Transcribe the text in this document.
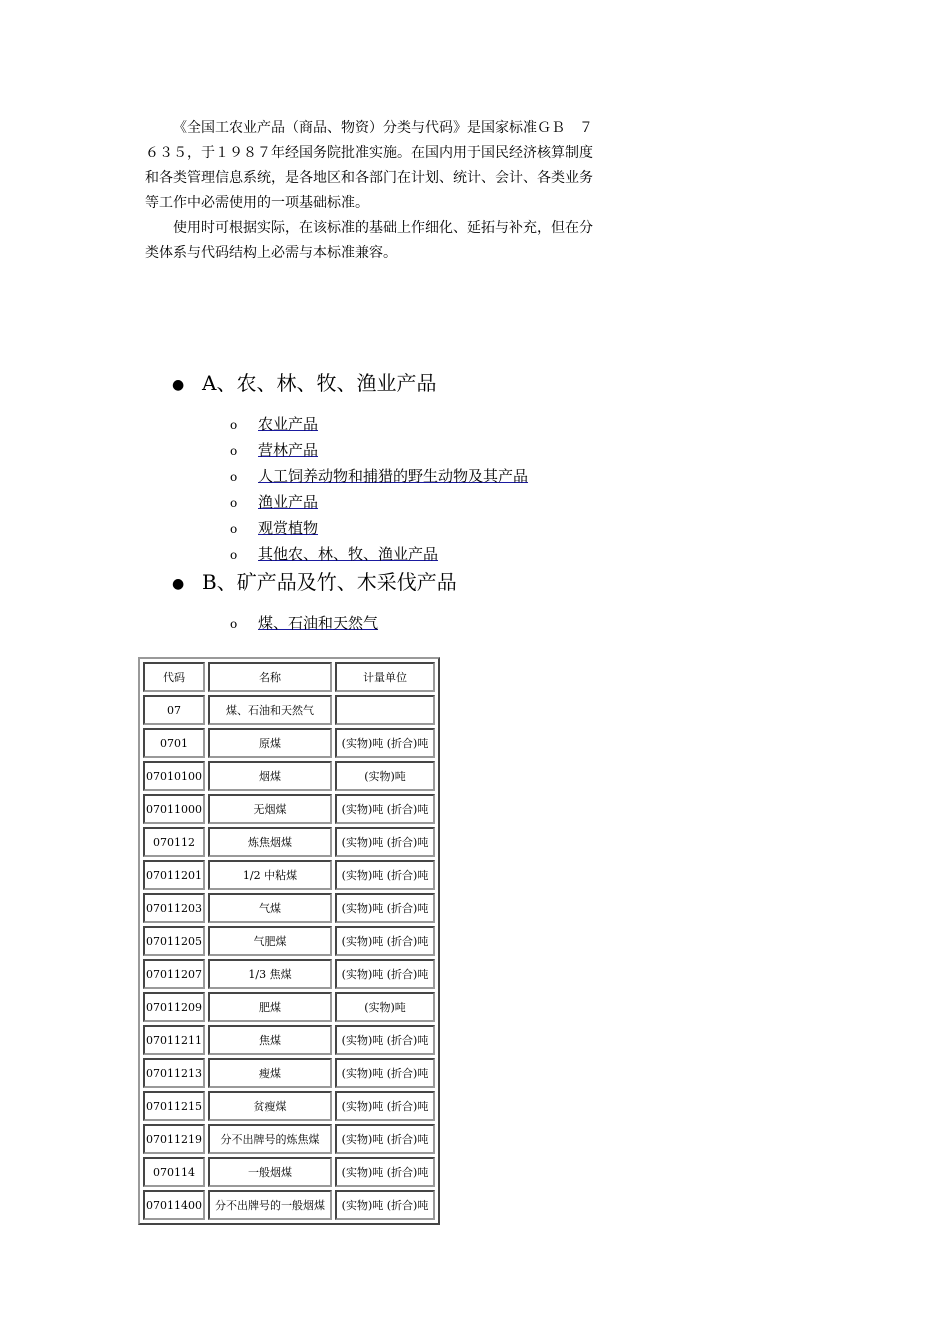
《全国工农业产品（商品、物资）分类与代码》是国家标准ＧＢ　７６３５，于１９８７年经国务院批准实施。在国内用于国民经济核算制度和各类管理信息系统，是各地区和各部门在计划、统计、会计、各类业务等工作中必需使用的一项基础标准。

使用时可根据实际，在该标准的基础上作细化、延拓与补充，但在分类体系与代码结构上必需与本标准兼容。

● A、农、林、牧、渔业产品
o 农业产品
o 营林产品
o 人工饲养动物和捕猎的野生动物及其产品
o 渔业产品
o 观赏植物
o 其他农、林、牧、渔业产品
● B、矿产品及竹、木采伐产品
o 煤、石油和天然气
代码	名称	计量单位
07	煤、石油和天然气	
0701	原煤	(实物)吨 (折合)吨
07010100	烟煤	(实物)吨
07011000	无烟煤	(实物)吨 (折合)吨
070112	炼焦烟煤	(实物)吨 (折合)吨
07011201	1/2 中粘煤	(实物)吨 (折合)吨
07011203	气煤	(实物)吨 (折合)吨
07011205	气肥煤	(实物)吨 (折合)吨
07011207	1/3 焦煤	(实物)吨 (折合)吨
07011209	肥煤	(实物)吨
07011211	焦煤	(实物)吨 (折合)吨
07011213	瘦煤	(实物)吨 (折合)吨
07011215	贫瘦煤	(实物)吨 (折合)吨
07011219	分不出牌号的炼焦煤	(实物)吨 (折合)吨
070114	一般烟煤	(实物)吨 (折合)吨
07011400	分不出牌号的一般烟煤	(实物)吨 (折合)吨
